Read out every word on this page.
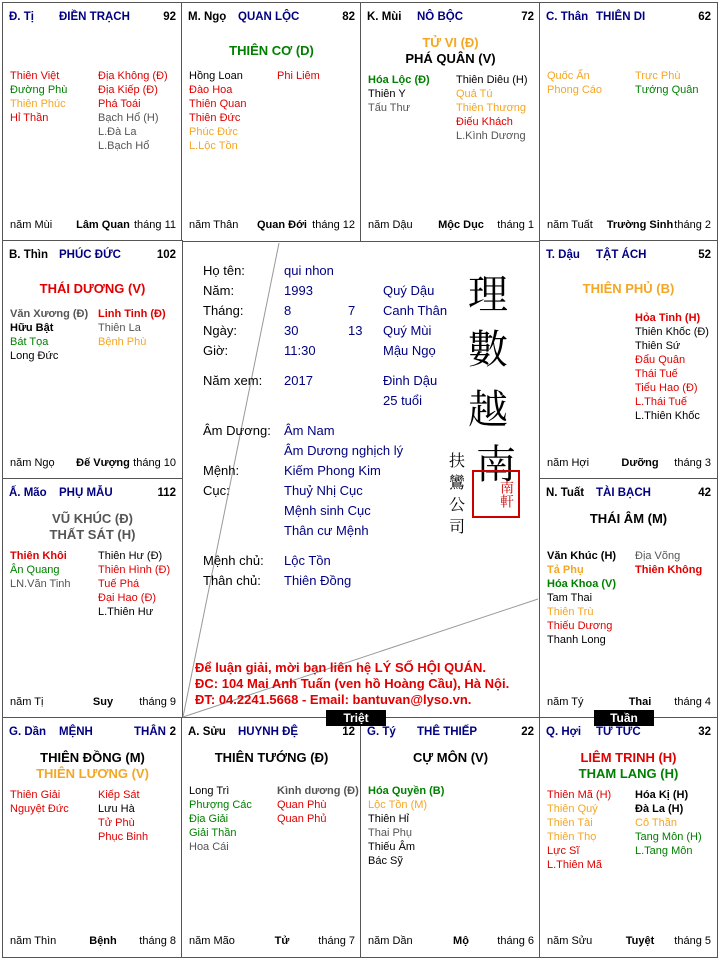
Đ. Tị ĐIỀN TRẠCH	92
Thiên Việt
Đường Phù
Thiên Phúc
Hỉ Thần
Địa Không (Đ)
Địa Kiếp (Đ)
Phá Toái
Bạch Hổ (H)
L.Đà La
L.Bạch Hổ
năm Mùi	Lâm Quan tháng 11
M. Ngọ QUAN LỘC	82
THIÊN CƠ (D)
Hồng Loan
Đào Hoa
Thiên Quan
Thiên Đức
Phúc Đức
L.Lộc Tồn
Phi Liêm
năm Thân	Quan Đới tháng 12
K. Mùi NÔ BỘC	72
TỬ VI (Đ)
PHÁ QUÂN (V)
Hóa Lộc (Đ)
Thiên Y
Tấu Thư
Thiên Diêu (H)
Quả Tú
Thiên Thương
Điếu Khách
L.Kình Dương
năm Dậu	Mộc Dục	tháng 1
C. Thân THIÊN DI	62
Quốc Ấn
Phong Cáo
Trực Phù
Tướng Quân
năm Tuất Trường Sinh tháng 2
B. Thìn PHÚC ĐỨC	102
THÁI DƯƠNG (V)
Văn Xương (Đ)
Hữu Bật
Bát Tọa
Long Đức
Linh Tinh (Đ)
Thiên La
Bệnh Phù
năm Ngọ	Đế Vượng tháng 10
T. Dậu TẬT ÁCH	52
THIÊN PHỦ (B)
Hỏa Tinh (H)
Thiên Khốc (Đ)
Thiên Sứ
Đẩu Quân
Thái Tuế
Tiểu Hao (Đ)
L.Thái Tuế
L.Thiên Khốc
năm Hợi	Dưỡng	tháng 3
Ấ. Mão PHỤ MẪU	112
VŨ KHÚC (Đ)
THẤT SÁT (H)
Thiên Khôi
Ân Quang
LN.Văn Tinh
Thiên Hư (Đ)
Thiên Hình (Đ)
Tuế Phá
Đại Hao (Đ)
L.Thiên Hư
năm Tị	Suy	tháng 9
N. Tuất TÀI BẠCH	42
THÁI ÂM (M)
Văn Khúc (H)
Tả Phụ
Hóa Khoa (V)
Tam Thai
Thiên Trù
Thiếu Dương
Thanh Long
Địa Võng
Thiên Không
năm Tý	Thai	tháng 4
G. Dần MỆNH	THÂN 2
THIÊN ĐỒNG (M)
THIÊN LƯƠNG (V)
Thiên Giải
Nguyệt Đức
Kiếp Sát
Lưu Hà
Tử Phù
Phục Binh
năm Thìn	Bệnh	tháng 8
A. Sửu HUYNH ĐỆ	12
THIÊN TƯỚNG (Đ)
Long Trì
Phượng Các
Địa Giải
Giải Thần
Hoa Cái
Kình dương (Đ)
Quan Phù
Quan Phủ
năm Mão	Tử	tháng 7
G. Tý THÊ THIẾP	22
CỰ MÔN (V)
Hóa Quyền (B)
Lộc Tồn (M)
Thiên Hỉ
Thai Phụ
Thiếu Âm
Bác Sỹ
năm Dần	Mộ	tháng 6
Q. Hợi TỬ TỨC	32
LIÊM TRINH (H)
THAM LANG (H)
Thiên Mã (H)
Thiên Quý
Thiên Tài
Thiên Thọ
Lực Sĩ
L.Thiên Mã
Hóa Kị (H)
Đà La (H)
Cô Thần
Tang Môn (H)
L.Tang Môn
năm Sửu	Tuyệt	tháng 5
Họ tên:	qui nhon
Năm:	1993	Quý Dậu
Tháng:	8	7 Canh Thân
Ngày:	30	13 Quý Mùi
Giờ:	11:30	Mậu Ngọ
Năm xem: 2017	Đinh Dậu
25 tuổi
Âm Dương: Âm Nam
Âm Dương nghịch lý
Mệnh:	Kiếm Phong Kim
Cục:	Thuỷ Nhị Cục
Mệnh sinh Cục
Thân cư Mệnh
Mệnh chủ: Lộc Tồn
Thân chủ: Thiên Đồng
理
數
越
南
扶
鸞
公
司
南軒
Để luận giải, mời bạn liên hệ LÝ SỐ HỘI QUÁN.
ĐC: 104 Mai Anh Tuấn (ven hồ Hoàng Cầu), Hà Nội.
ĐT: 04.2241.5668 - Email: bantuvan@lyso.vn.
Triệt	Tuần
